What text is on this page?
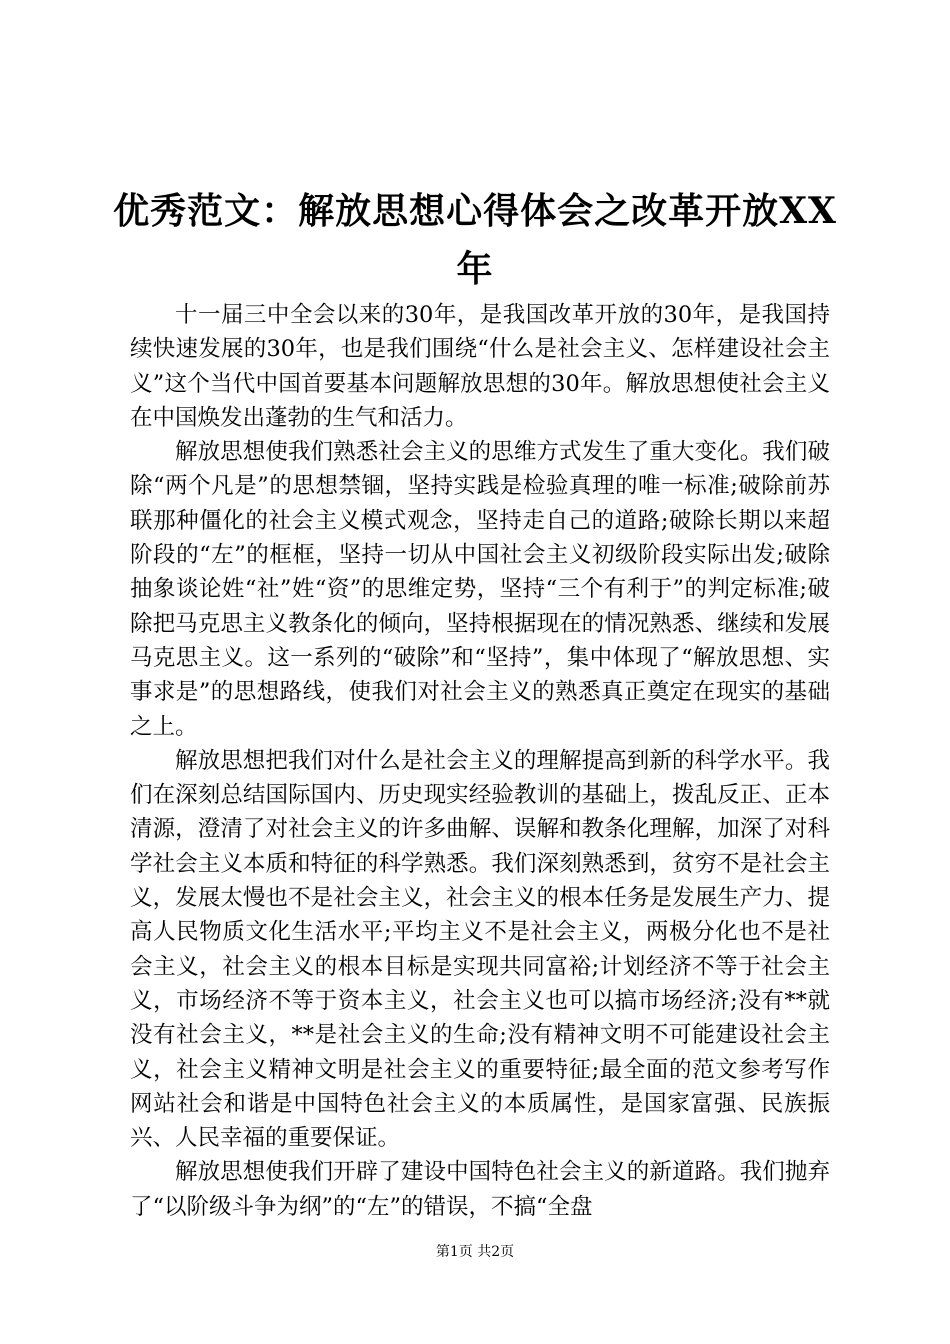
优秀范文：解放思想心得体会之改革开放XX年

十一届三中全会以来的30年，是我国改革开放的30年，是我国持续快速发展的30年，也是我们围绕“什么是社会主义、怎样建设社会主义”这个当代中国首要基本问题解放思想的30年。解放思想使社会主义在中国焕发出蓬勃的生气和活力。

解放思想使我们熟悉社会主义的思维方式发生了重大变化。我们破除“两个凡是”的思想禁锢，坚持实践是检验真理的唯一标准;破除前苏联那种僵化的社会主义模式观念，坚持走自己的道路;破除长期以来超阶段的“左”的框框，坚持一切从中国社会主义初级阶段实际出发;破除抽象谈论姓“社”姓“资”的思维定势，坚持“三个有利于”的判定标准;破除把马克思主义教条化的倾向，坚持根据现在的情况熟悉、继续和发展马克思主义。这一系列的“破除”和“坚持”，集中体现了“解放思想、实事求是”的思想路线，使我们对社会主义的熟悉真正奠定在现实的基础之上。

解放思想把我们对什么是社会主义的理解提高到新的科学水平。我们在深刻总结国际国内、历史现实经验教训的基础上，拨乱反正、正本清源，澄清了对社会主义的许多曲解、误解和教条化理解，加深了对科学社会主义本质和特征的科学熟悉。我们深刻熟悉到，贫穷不是社会主义，发展太慢也不是社会主义，社会主义的根本任务是发展生产力、提高人民物质文化生活水平;平均主义不是社会主义，两极分化也不是社会主义，社会主义的根本目标是实现共同富裕;计划经济不等于社会主义，市场经济不等于资本主义，社会主义也可以搞市场经济;没有**就没有社会主义，**是社会主义的生命;没有精神文明不可能建设社会主义，社会主义精神文明是社会主义的重要特征;最全面的范文参考写作网站社会和谐是中国特色社会主义的本质属性，是国家富强、民族振兴、人民幸福的重要保证。

解放思想使我们开辟了建设中国特色社会主义的新道路。我们抛弃了“以阶级斗争为纲”的“左”的错误，不搞“全盘

第1页 共2页
